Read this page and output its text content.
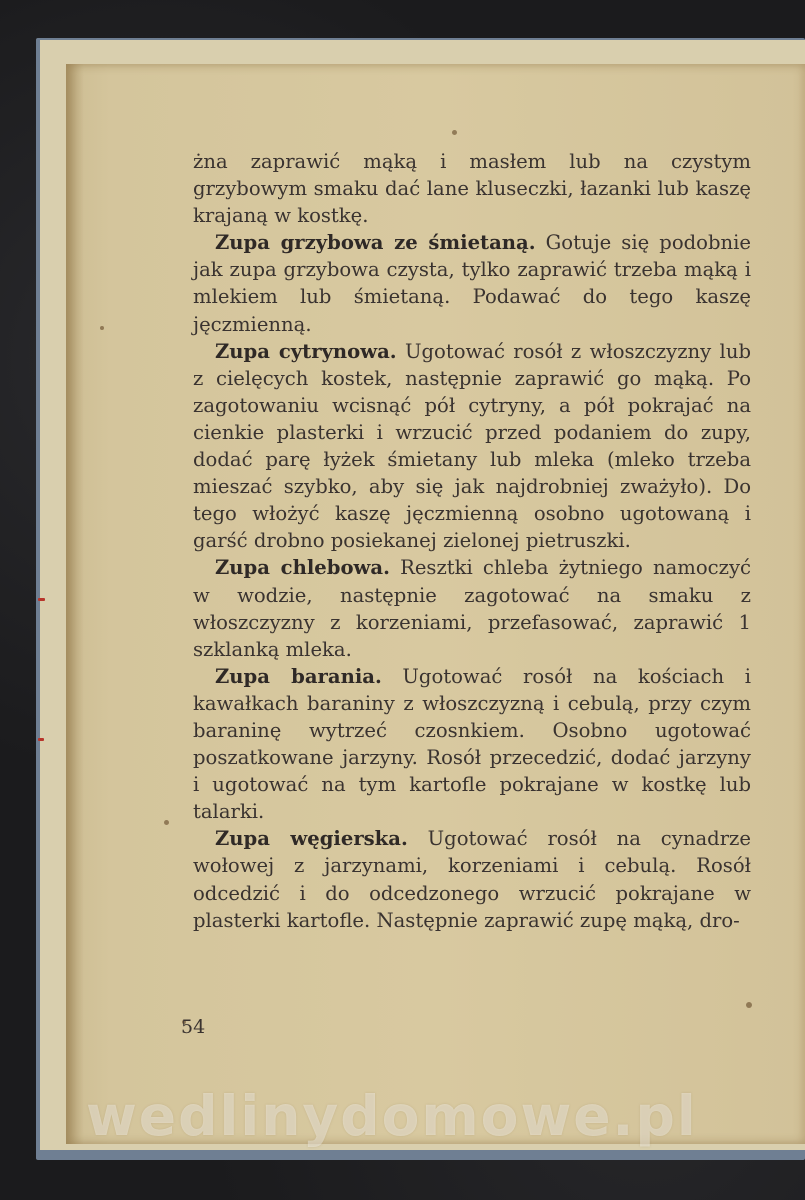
żna zaprawić mąką i masłem lub na czystym grzybowym smaku dać lane kluseczki, łazanki lub kaszę krajaną w kostkę.

Zupa grzybowa ze śmietaną. Gotuje się podobnie jak zupa grzybowa czysta, tylko zaprawić trzeba mąką i mlekiem lub śmietaną. Podawać do tego kaszę jęczmienną.

Zupa cytrynowa. Ugotować rosół z włoszczyzny lub z cielęcych kostek, następnie zaprawić go mąką. Po zagotowaniu wcisnąć pół cytryny, a pół pokrajać na cienkie plasterki i wrzucić przed podaniem do zupy, dodać parę łyżek śmietany lub mleka (mleko trzeba mieszać szybko, aby się jak najdrobniej zważyło). Do tego włożyć kaszę jęczmienną osobno ugotowaną i garść drobno posiekanej zielonej pietruszki.

Zupa chlebowa. Resztki chleba żytniego namoczyć w wodzie, następnie zagotować na smaku z włoszczyzny z korzeniami, przefasować, zaprawić 1 szklanką mleka.

Zupa barania. Ugotować rosół na kościach i kawałkach baraniny z włoszczyzną i cebulą, przy czym baraninę wytrzeć czosnkiem. Osobno ugotować poszatkowane jarzyny. Rosół przecedzić, dodać jarzyny i ugotować na tym kartofle pokrajane w kostkę lub talarki.

Zupa węgierska. Ugotować rosół na cynadrze wołowej z jarzynami, korzeniami i cebulą. Rosół odcedzić i do odcedzonego wrzucić pokrajane w plasterki kartofle. Następnie zaprawić zupę mąką, dro-

54
wedlinydomowe.pl
